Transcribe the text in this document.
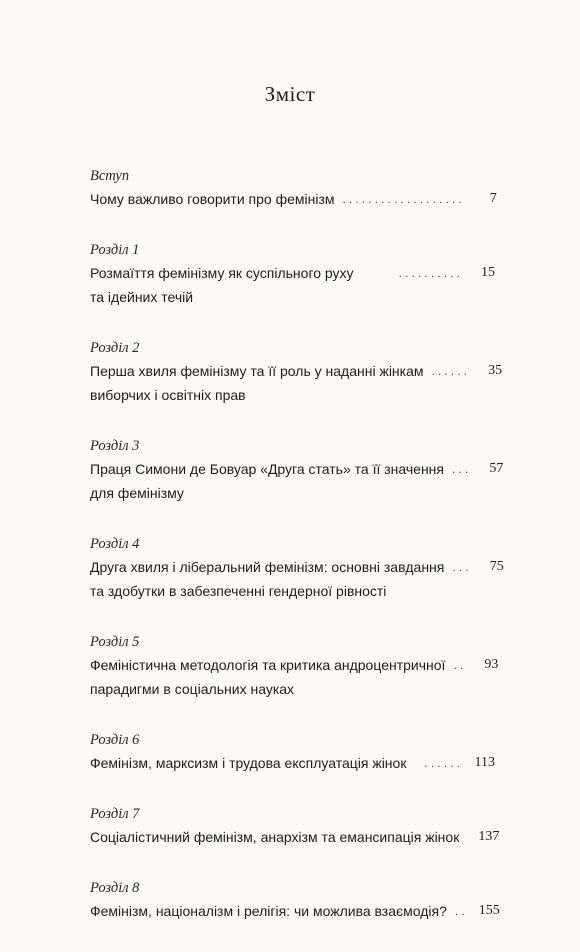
Зміст
Вступ
Чому важливо говорити про фемінізм ...................	7
Розділ 1
Розмаїття фемінізму як суспільного руху	..........	15
та ідейних течій
Розділ 2
Перша хвиля фемінізму та її роль у наданні жінкам ......	35
виборчих і освітніх прав
Розділ 3
Праця Симони де Бовуар «Друга стать» та її значення ...	57
для фемінізму
Розділ 4
Друга хвиля і ліберальний фемінізм: основні завдання ...	75
та здобутки в забезпеченні гендерної рівності
Розділ 5
Феміністична методологія та критика андроцентричної ..	93
парадигми в соціальних науках
Розділ 6
Фемінізм, марксизм і трудова експлуатація жінок	...... 113
Розділ 7
Соціалістичний фемінізм, анархізм та емансипація жінок 137
Розділ 8
Фемінізм, націоналізм і релігія: чи можлива взаємодія? .. 155
